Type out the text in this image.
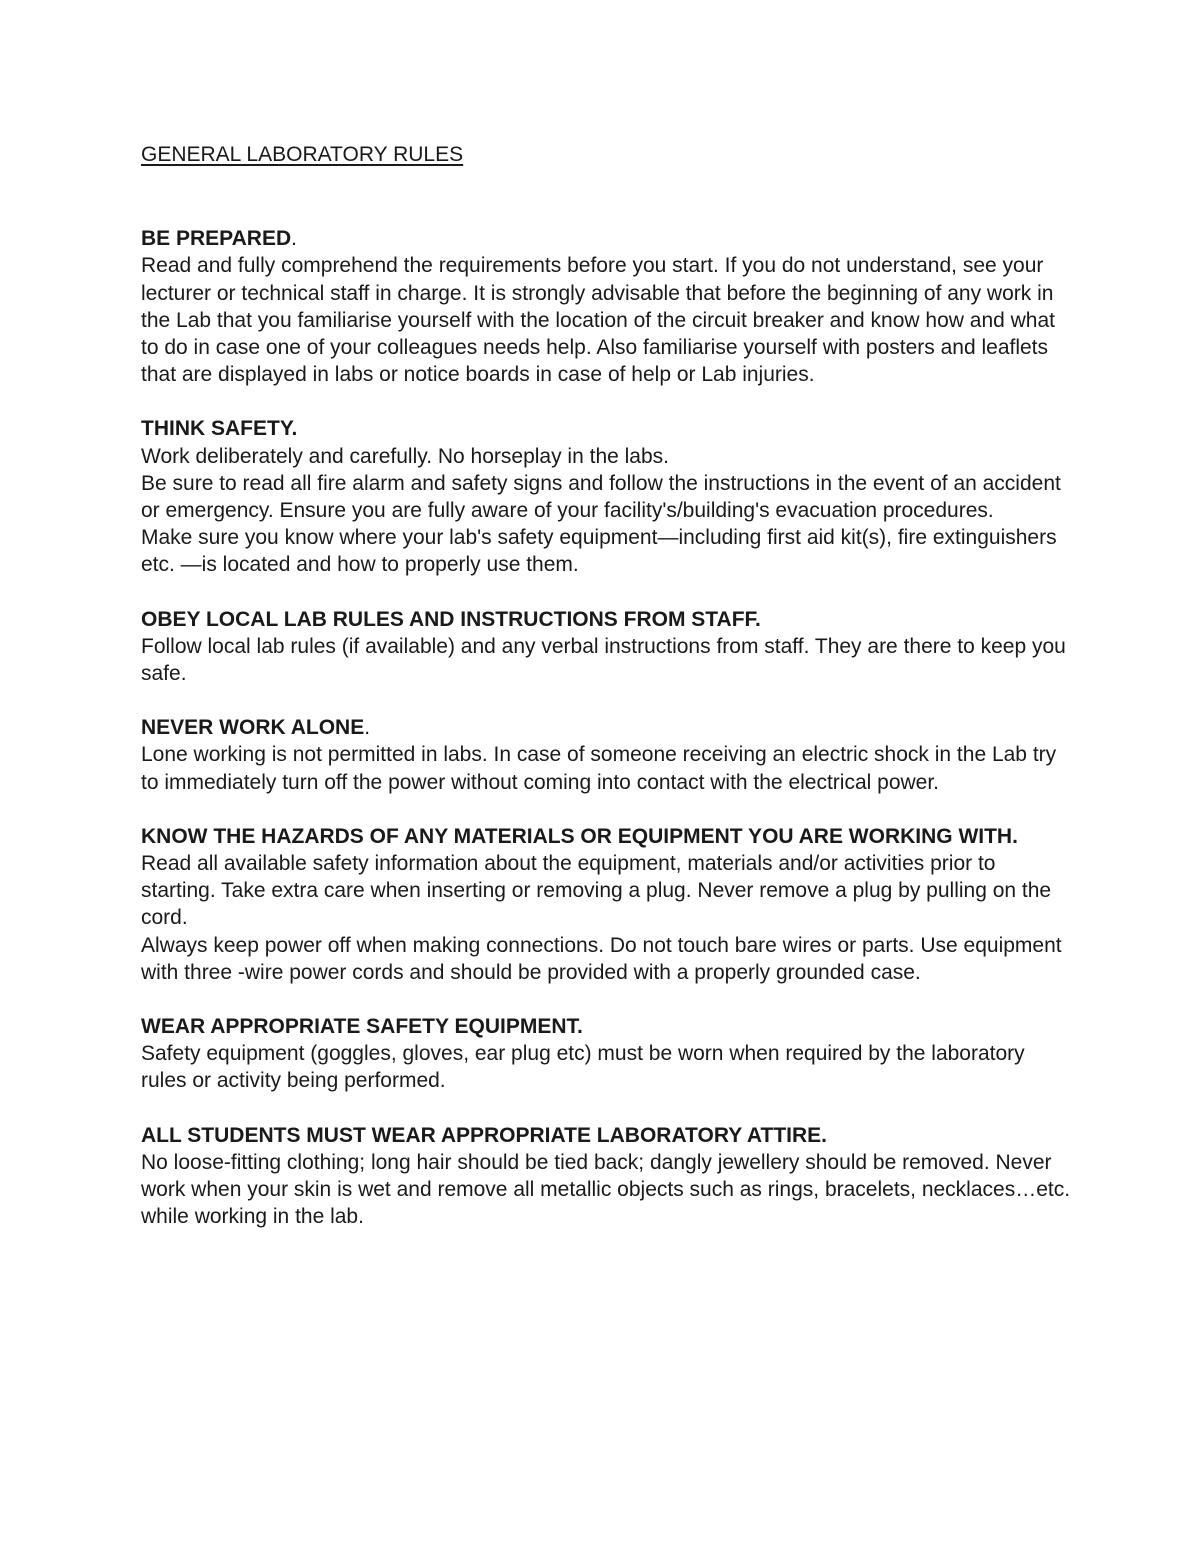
GENERAL LABORATORY RULES

BE PREPARED.

Read and fully comprehend the requirements before you start. If you do not understand, see your lecturer or technical staff in charge. It is strongly advisable that before the beginning of any work in the Lab that you familiarise yourself with the location of the circuit breaker and know how and what to do in case one of your colleagues needs help. Also familiarise yourself with posters and leaflets that are displayed in labs or notice boards in case of help or Lab injuries.

THINK SAFETY.

Work deliberately and carefully. No horseplay in the labs.

Be sure to read all fire alarm and safety signs and follow the instructions in the event of an accident or emergency. Ensure you are fully aware of your facility's/building's evacuation procedures.

Make sure you know where your lab's safety equipment—including first aid kit(s), fire extinguishers etc. —is located and how to properly use them.

OBEY LOCAL LAB RULES AND INSTRUCTIONS FROM STAFF.

Follow local lab rules (if available) and any verbal instructions from staff. They are there to keep you safe.

NEVER WORK ALONE.

Lone working is not permitted in labs. In case of someone receiving an electric shock in the Lab try to immediately turn off the power without coming into contact with the electrical power.

KNOW THE HAZARDS OF ANY MATERIALS OR EQUIPMENT YOU ARE WORKING WITH.

Read all available safety information about the equipment, materials and/or activities prior to starting. Take extra care when inserting or removing a plug. Never remove a plug by pulling on the cord.

Always keep power off when making connections. Do not touch bare wires or parts. Use equipment with three -wire power cords and should be provided with a properly grounded case.

WEAR APPROPRIATE SAFETY EQUIPMENT.

Safety equipment (goggles, gloves, ear plug etc) must be worn when required by the laboratory rules or activity being performed.

ALL STUDENTS MUST WEAR APPROPRIATE LABORATORY ATTIRE.

No loose-fitting clothing; long hair should be tied back; dangly jewellery should be removed. Never work when your skin is wet and remove all metallic objects such as rings, bracelets, necklaces…etc. while working in the lab.
